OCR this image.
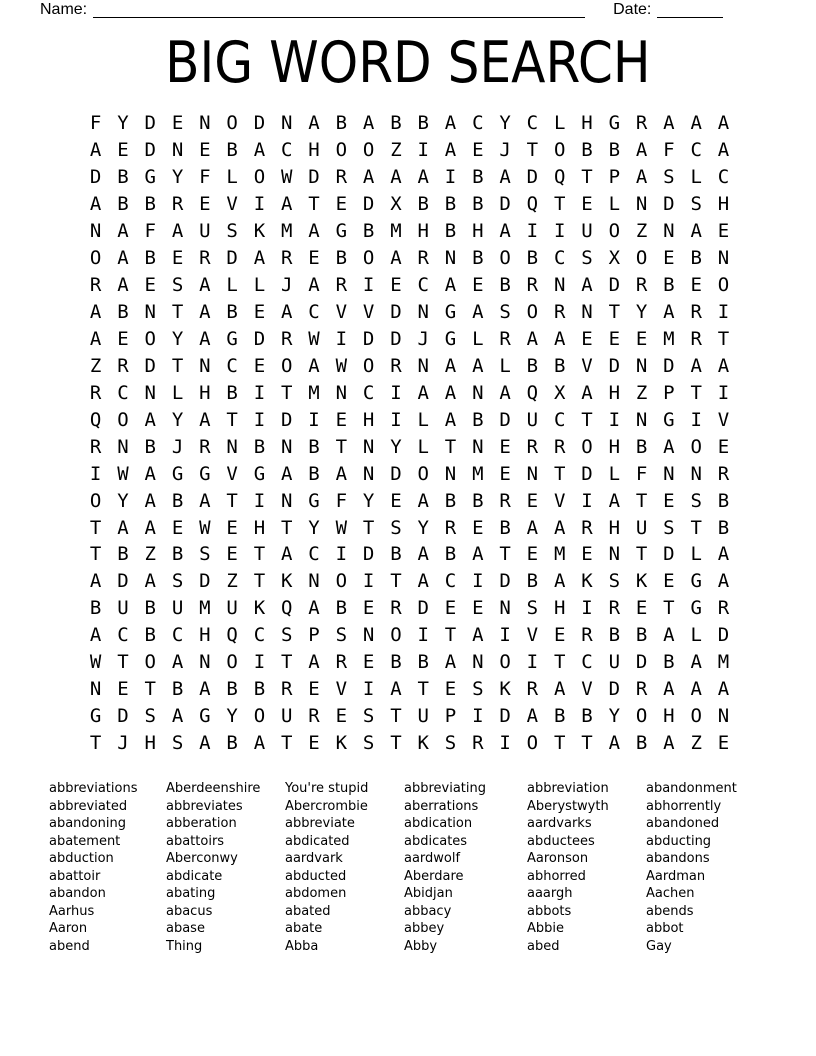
Name:	Date:
BIG WORD SEARCH
F Y D E N O D N A B A B B A C Y C L H G R A A A
A E D N E B A C H O O Z I A E J T O B B A F C A
D B G Y F L O W D R A A A I B A D Q T P A S L C
A B B R E V I A T E D X B B B D Q T E L N D S H
N A F A U S K M A G B M H B H A I I U O Z N A E
O A B E R D A R E B O A R N B O B C S X O E B N
R A E S A L L J A R I E C A E B R N A D R B E O
A B N T A B E A C V V D N G A S O R N T Y A R I
A E O Y A G D R W I D D J G L R A A E E E M R T
Z R D T N C E O A W O R N A A L B B V D N D A A
R C N L H B I T M N C I A A N A Q X A H Z P T I
Q O A Y A T I D I E H I L A B D U C T I N G I V
R N B J R N B N B T N Y L T N E R R O H B A O E
I W A G G V G A B A N D O N M E N T D L F N N R
O Y A B A T I N G F Y E A B B R E V I A T E S B
T A A E W E H T Y W T S Y R E B A A R H U S T B
T B Z B S E T A C I D B A B A T E M E N T D L A
A D A S D Z T K N O I T A C I D B A K S K E G A
B U B U M U K Q A B E R D E E N S H I R E T G R
A C B C H Q C S P S N O I T A I V E R B B A L D
W T O A N O I T A R E B B A N O I T C U D B A M
N E T B A B B R E V I A T E S K R A V D R A A A
G D S A G Y O U R E S T U P I D A B B Y O H O N
T J H S A B A T E K S T K S R I O T T A B A Z E
abbreviations
abbreviated
abandoning
abatement
abduction
abattoir
abandon
Aarhus
Aaron
abend
Aberdeenshire
abbreviates
abberation
abattoirs
Aberconwy
abdicate
abating
abacus
abase
Thing
You're stupid
Abercrombie
abbreviate
abdicated
aardvark
abducted
abdomen
abated
abate
Abba
abbreviating
aberrations
abdication
abdicates
aardwolf
Aberdare
Abidjan
abbacy
abbey
Abby
abbreviation
Aberystwyth
aardvarks
abductees
Aaronson
abhorred
aaargh
abbots
Abbie
abed
abandonment
abhorrently
abandoned
abducting
abandons
Aardman
Aachen
abends
abbot
Gay
